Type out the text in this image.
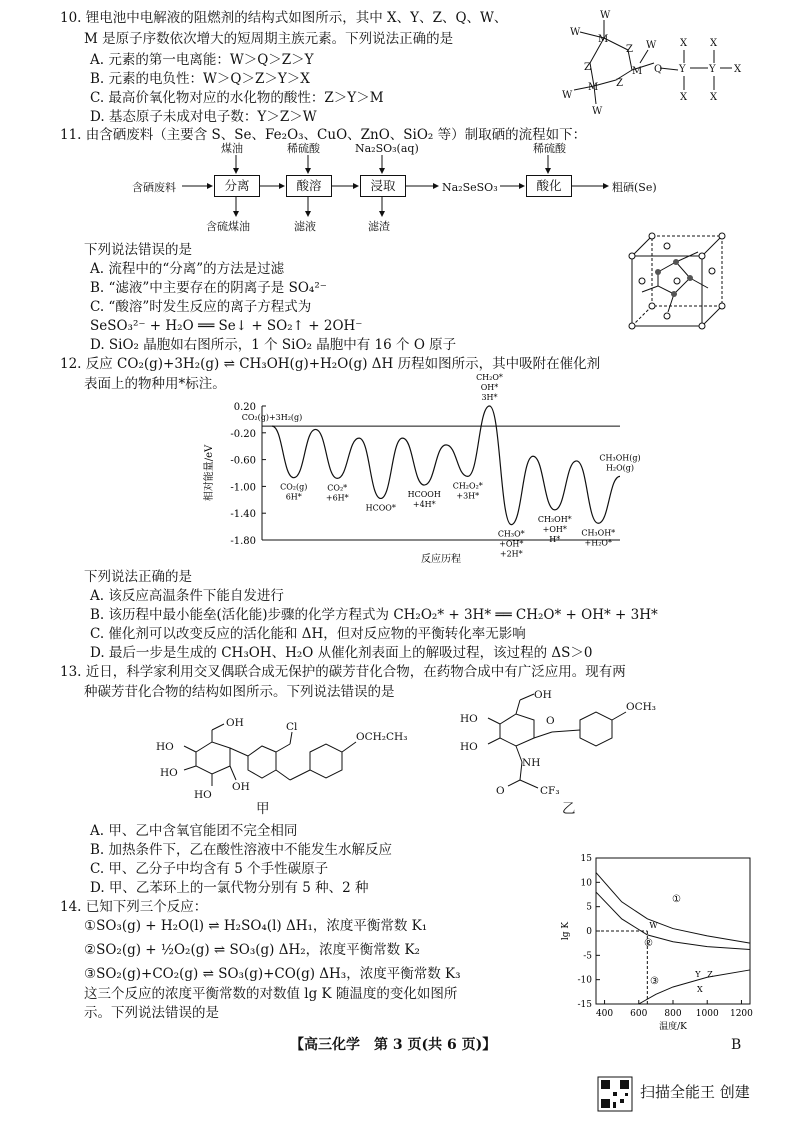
10. 锂电池中电解液的阻燃剂的结构式如图所示，其中 X、Y、Z、Q、W、
M 是原子序数依次增大的短周期主族元素。下列说法正确的是
A. 元素的第一电离能：W＞Q＞Z＞Y
B. 元素的电负性：W＞Q＞Z＞Y＞X
C. 最高价氧化物对应的水化物的酸性：Z＞Y＞M
D. 基态原子未成对电子数：Y＞Z＞W
W
W
M
Z W
Z	M Q Y Y
X X
X X
X
M Z
W
W
11. 由含硒废料（主要含 S、Se、Fe₂O₃、CuO、ZnO、SiO₂ 等）制取硒的流程如下：
煤油	稀硫酸	Na₂SO₃(aq)	稀硫酸
含硒废料	分离	酸溶	浸取	Na₂SeSO₃	酸化	粗硒(Se)
含硫煤油	滤液	滤渣
下列说法错误的是
A. 流程中的“分离”的方法是过滤
B. “滤液”中主要存在的阴离子是 SO₄²⁻
C. “酸溶”时发生反应的离子方程式为
SeSO₃²⁻ + H₂O ══ Se↓ + SO₂↑ + 2OH⁻
D. SiO₂ 晶胞如右图所示，1 个 SiO₂ 晶胞中有 16 个 O 原子
12. 反应 CO₂(g)+3H₂(g) ⇌ CH₃OH(g)+H₂O(g) ΔH 历程如图所示，其中吸附在催化剂
表面上的物种用*标注。
0.20
-0.20
-0.60
-1.00
-1.40
-1.80
相对能量/eV
反应历程
CO₂(g)+3H₂(g)
CO₂(g)
6H*
CO₂*
+6H*
HCOO*
HCOOH
+4H*
CH₂O₂*
+3H*
CH₂O*
OH*
3H*
CH₃O*
+OH*
+2H*
CH₃OH*
+OH*
H*
CH₃OH*
+H₂O*
CH₃OH(g)
H₂O(g)
下列说法正确的是
A. 该反应高温条件下能自发进行
B. 该历程中最小能垒(活化能)步骤的化学方程式为 CH₂O₂* + 3H* ══ CH₂O* + OH* + 3H*
C. 催化剂可以改变反应的活化能和 ΔH，但对反应物的平衡转化率无影响
D. 最后一步是生成的 CH₃OH、H₂O 从催化剂表面上的解吸过程，该过程的 ΔS＞0
13. 近日，科学家利用交叉偶联合成无保护的碳芳苷化合物，在药物合成中有广泛应用。现有两
种碳芳苷化合物的结构如图所示。下列说法错误的是
OH
HO
HO
HO
OH
Cl
OCH₂CH₃
甲
OH
HO
HO
O
OCH₃
NH
O	CF₃
乙
A. 甲、乙中含氧官能团不完全相同
B. 加热条件下，乙在酸性溶液中不能发生水解反应
C. 甲、乙分子中均含有 5 个手性碳原子
D. 甲、乙苯环上的一氯代物分别有 5 种、2 种
14. 已知下列三个反应：
①SO₃(g) + H₂O(l) ⇌ H₂SO₄(l) ΔH₁，浓度平衡常数 K₁
②SO₂(g) + ½O₂(g) ⇌ SO₃(g) ΔH₂，浓度平衡常数 K₂
③SO₂(g)+CO₂(g) ⇌ SO₃(g)+CO(g) ΔH₃，浓度平衡常数 K₃
这三个反应的浓度平衡常数的对数值 lg K 随温度的变化如图所
示。下列说法错误的是
15
10
5
0
-5
-10
-15
400 600 800 1000 1200
温度/K
lg K
①
②
③
W
X
Y Z
【高三化学　第 3 页(共 6 页)】	B
扫描全能王 创建
